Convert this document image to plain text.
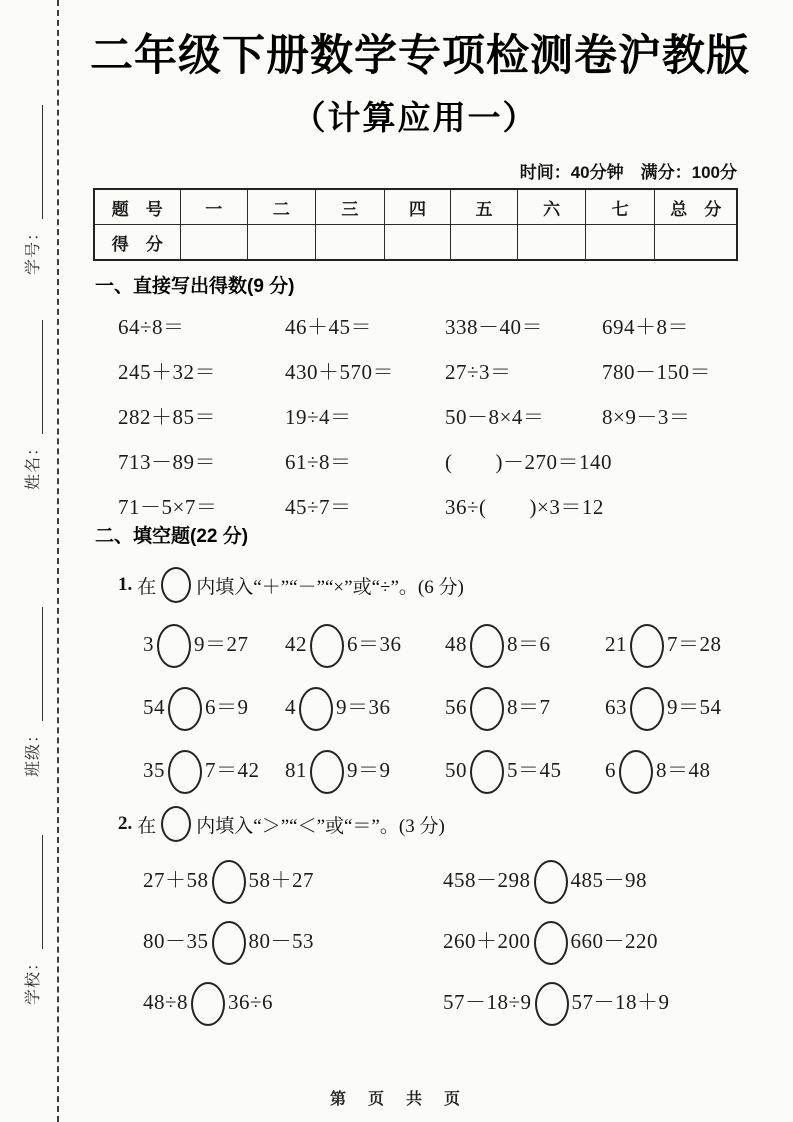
学号：
姓名：
班级：
学校：
二年级下册数学专项检测卷沪教版
（计算应用一）
时间：40分钟　满分：100分
题　号	一	二	三	四	五	六	七	总　分
得　分								
一、直接写出得数(9 分)
64÷8＝	46＋45＝	338－40＝	694＋8＝
245＋32＝	430＋570＝	27÷3＝	780－150＝
282＋85＝	19÷4＝	50－8×4＝	8×9－3＝
713－89＝	61÷8＝	(　　)－270＝140
71－5×7＝	45÷7＝	36÷(　　)×3＝12
二、填空题(22 分)
1. 在 内填入“＋”“－”“×”或“÷”。(6 分)
3 9＝27	42 6＝36	48 8＝6	21 7＝28
54 6＝9	4 9＝36	56 8＝7	63 9＝54
35 7＝42	81 9＝9	50 5＝45	6 8＝48
2. 在 内填入“＞”“＜”或“＝”。(3 分)
27＋58 58＋27	458－298 485－98
80－35 80－53	260＋200 660－220
48÷8 36÷6	57－18÷9 57－18＋9
第　页　共　页
